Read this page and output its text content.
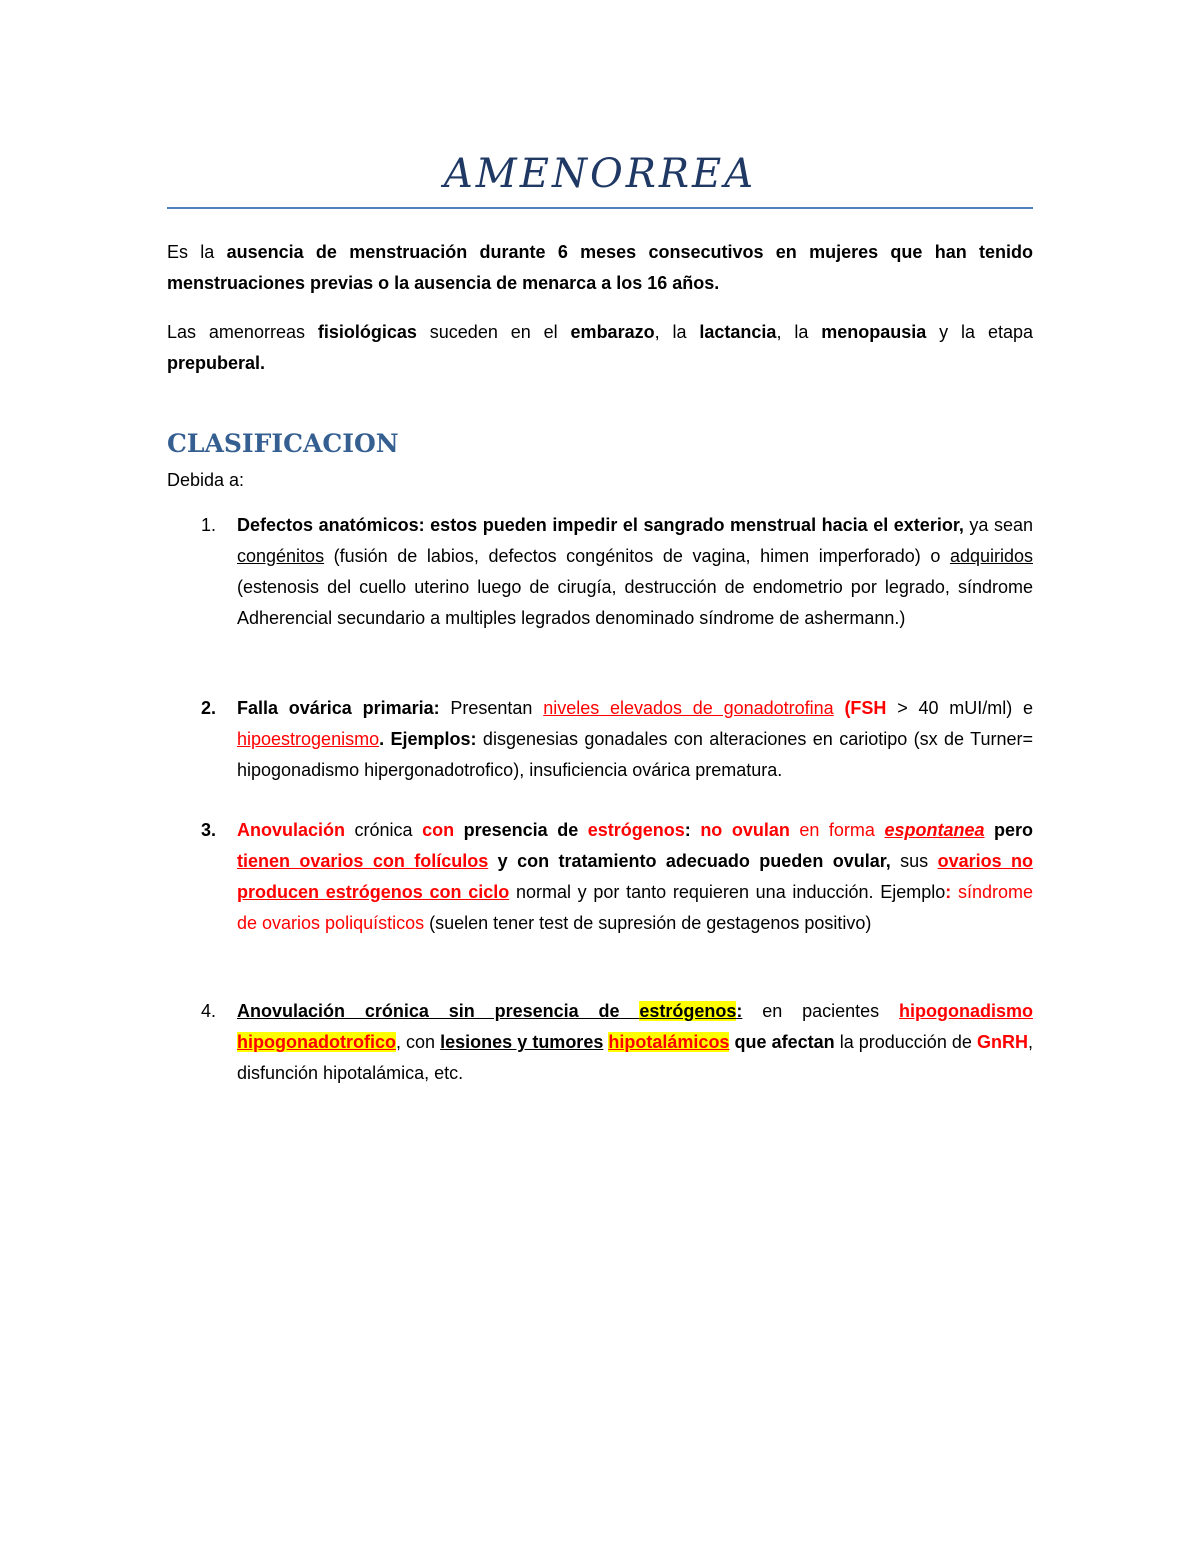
AMENORREA
Es la ausencia de menstruación durante 6 meses consecutivos en mujeres que han tenido menstruaciones previas o la ausencia de menarca a los 16 años.
Las amenorreas fisiológicas suceden en el embarazo, la lactancia, la menopausia y la etapa prepuberal.
CLASIFICACION
Debida a:
1.	Defectos anatómicos: estos pueden impedir el sangrado menstrual hacia el exterior, ya sean congénitos (fusión de labios, defectos congénitos de vagina, himen imperforado) o adquiridos (estenosis del cuello uterino luego de cirugía, destrucción de endometrio por legrado, síndrome Adherencial secundario a multiples legrados denominado síndrome de ashermann.)
2.	Falla ovárica primaria: Presentan niveles elevados de gonadotrofina (FSH > 40 mUI/ml) e hipoestrogenismo. Ejemplos: disgenesias gonadales con alteraciones en cariotipo (sx de Turner= hipogonadismo hipergonadotrofico), insuficiencia ovárica prematura.
3.	Anovulación crónica con presencia de estrógenos: no ovulan en forma espontanea pero tienen ovarios con folículos y con tratamiento adecuado pueden ovular, sus ovarios no producen estrógenos con ciclo normal y por tanto requieren una inducción. Ejemplo: síndrome de ovarios poliquísticos (suelen tener test de supresión de gestagenos positivo)
4.	Anovulación crónica sin presencia de estrógenos: en pacientes hipogonadismo hipogonadotrofico, con lesiones y tumores hipotalámicos que afectan la producción de GnRH, disfunción hipotalámica, etc.
